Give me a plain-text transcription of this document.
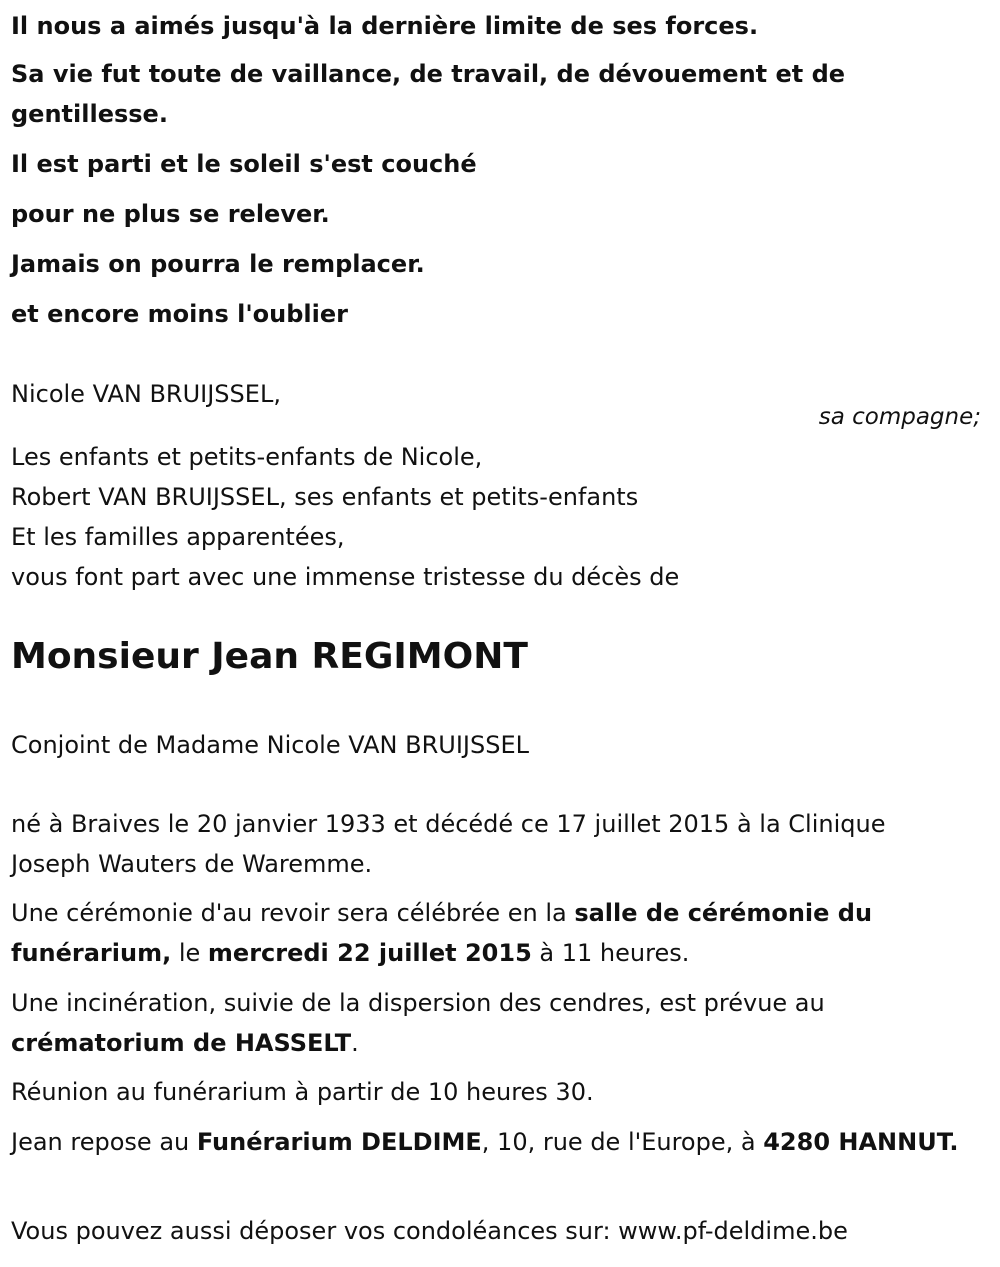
Il nous a aimés jusqu'à la dernière limite de ses forces.

Sa vie fut toute de vaillance, de travail, de dévouement et de gentillesse.

Il est parti et le soleil s'est couché

pour ne plus se relever.

Jamais on pourra le remplacer.

et encore moins l'oublier

Nicole VAN BRUIJSSEL,

sa compagne;

Les enfants et petits-enfants de Nicole,
Robert VAN BRUIJSSEL, ses enfants et petits-enfants
Et les familles apparentées,
vous font part avec une immense tristesse du décès de

Monsieur Jean REGIMONT

Conjoint de Madame Nicole VAN BRUIJSSEL

né à Braives le 20 janvier 1933 et décédé ce 17 juillet 2015 à la Clinique Joseph Wauters de Waremme.

Une cérémonie d'au revoir sera célébrée en la salle de cérémonie du funérarium, le mercredi 22 juillet 2015 à 11 heures.

Une incinération, suivie de la dispersion des cendres, est prévue au crématorium de HASSELT.

Réunion au funérarium à partir de 10 heures 30.

Jean repose au Funérarium DELDIME, 10, rue de l'Europe, à 4280 HANNUT.

Vous pouvez aussi déposer vos condoléances sur: www.pf-deldime.be
